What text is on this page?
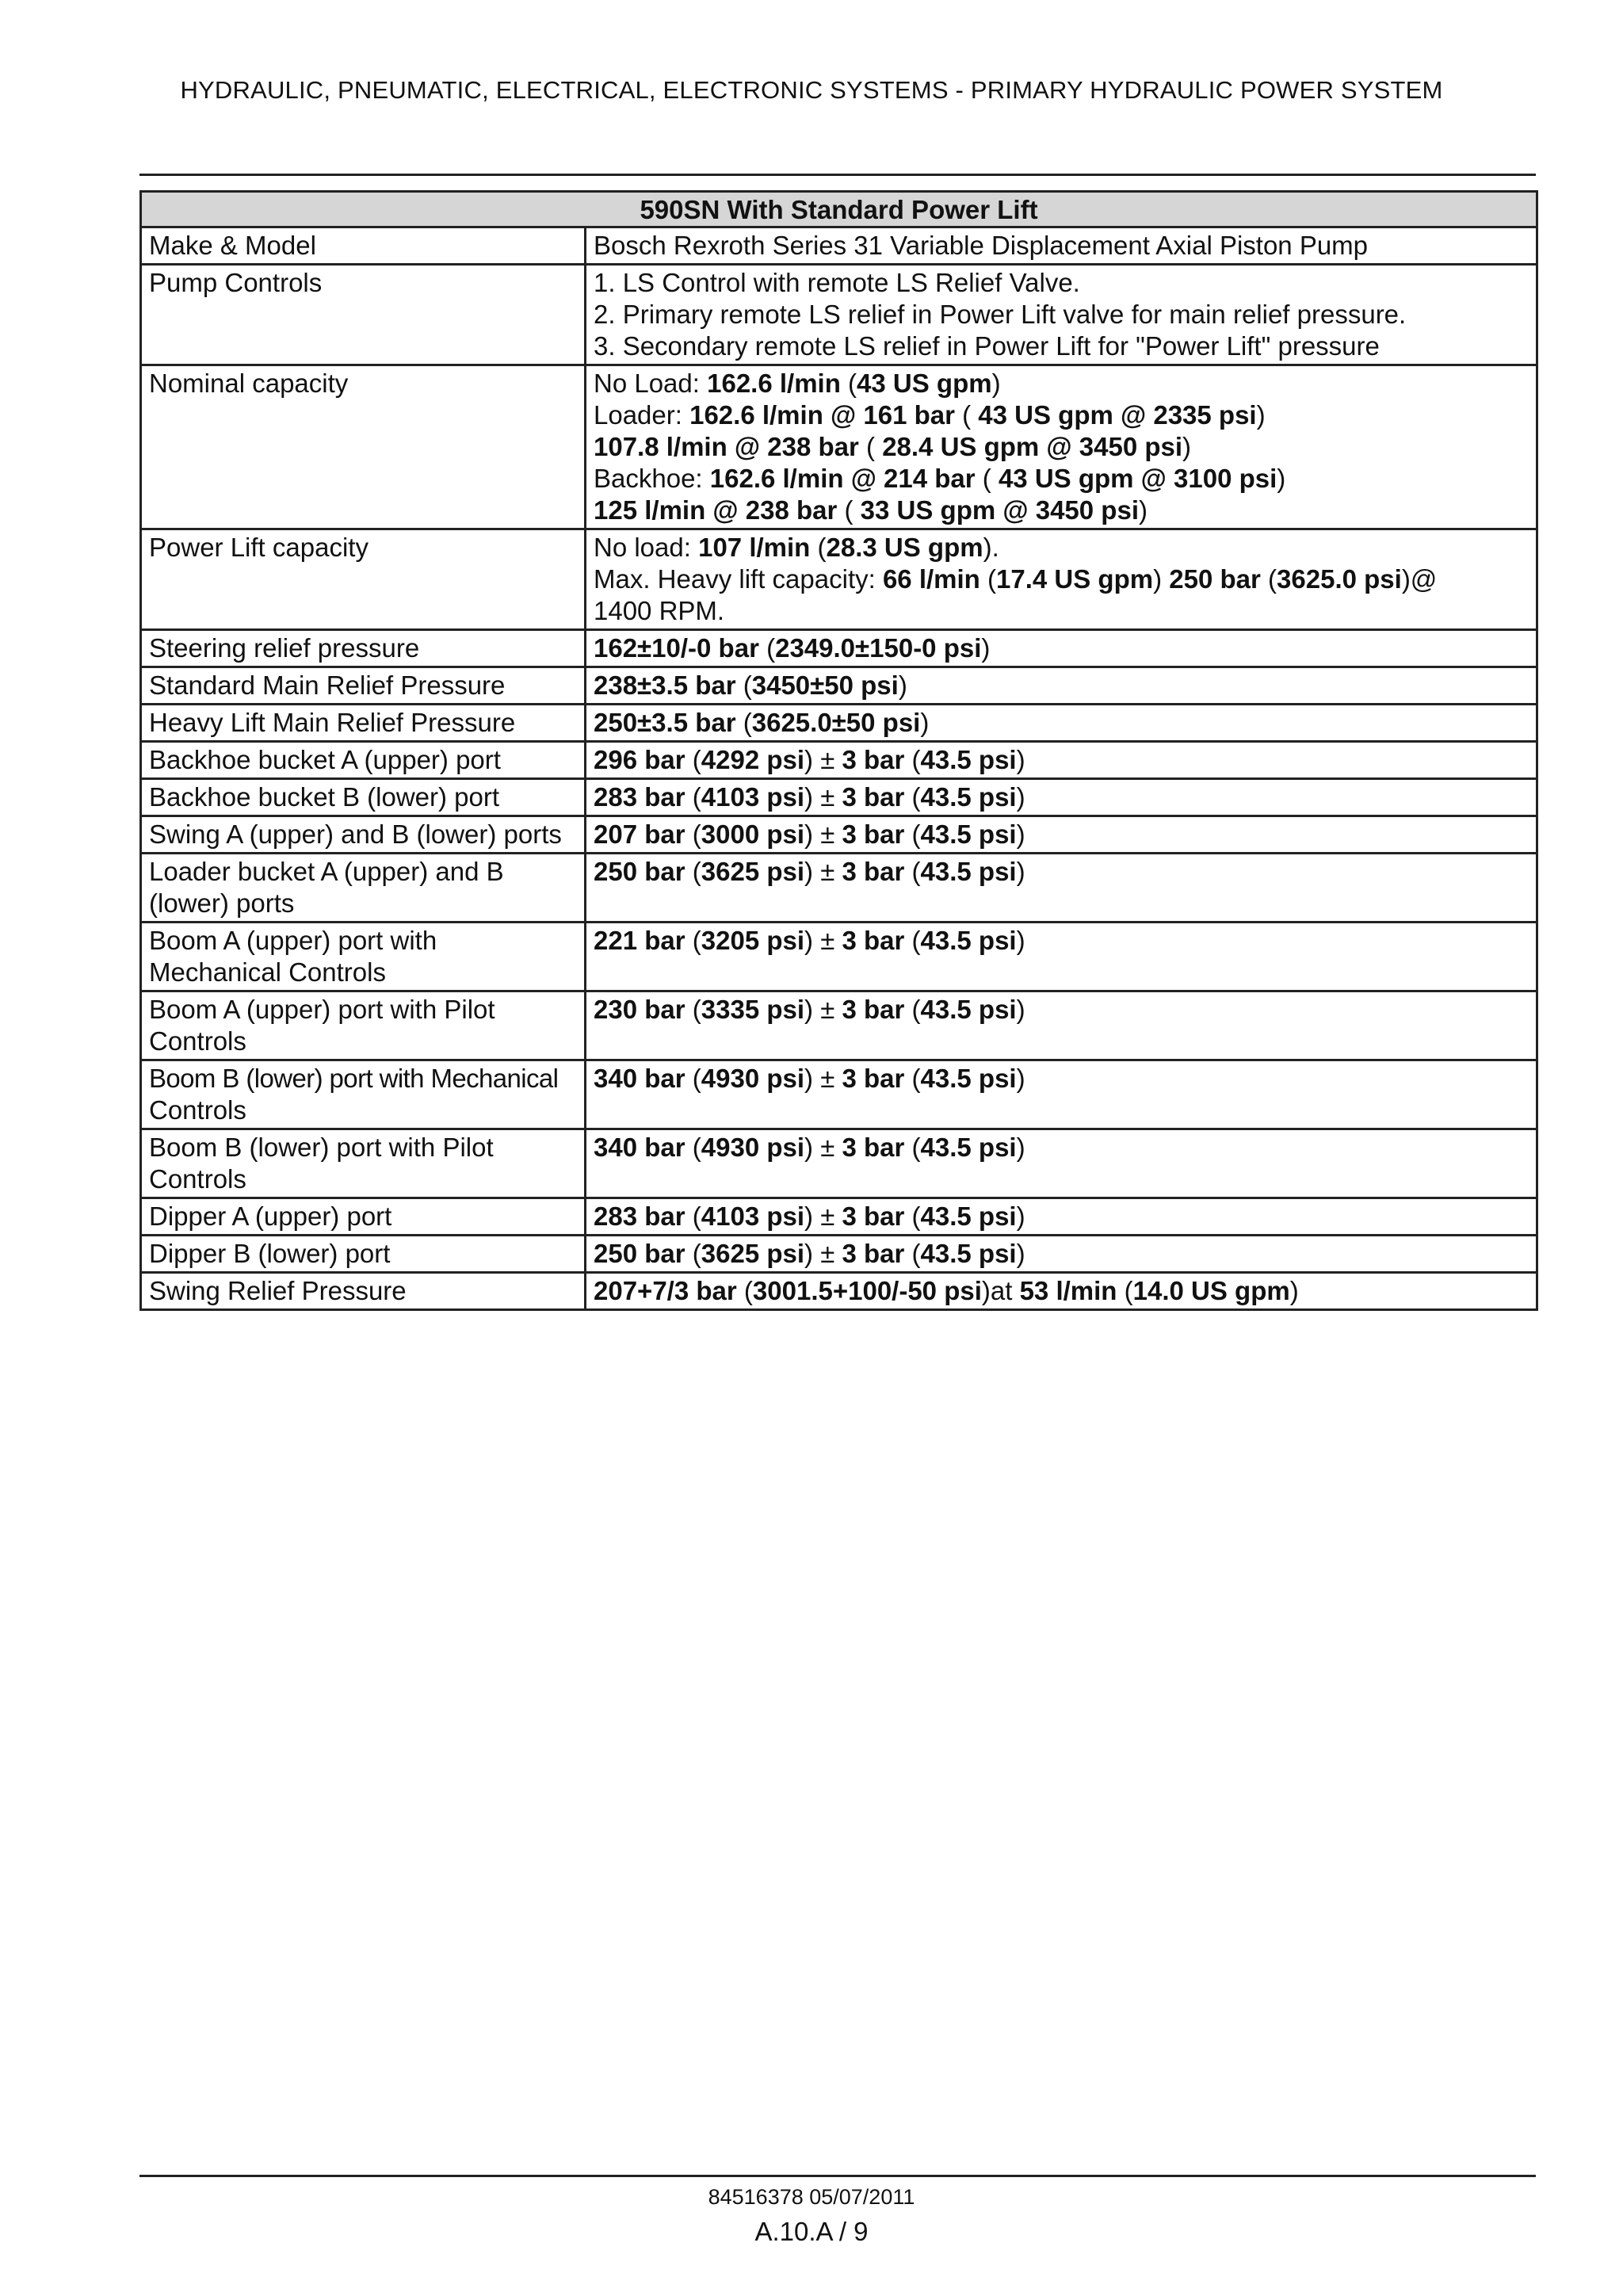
HYDRAULIC, PNEUMATIC, ELECTRICAL, ELECTRONIC SYSTEMS - PRIMARY HYDRAULIC POWER SYSTEM
590SN With Standard Power Lift	
Make & Model	Bosch Rexroth Series 31 Variable Displacement Axial Piston Pump
Pump Controls	1. LS Control with remote LS Relief Valve.
2. Primary remote LS relief in Power Lift valve for main relief pressure.
3. Secondary remote LS relief in Power Lift for "Power Lift" pressure

Nominal capacity	No Load: 162.6 l/min (43 US gpm)
Loader: 162.6 l/min @ 161 bar ( 43 US gpm @ 2335 psi)
107.8 l/min @ 238 bar ( 28.4 US gpm @ 3450 psi)
Backhoe: 162.6 l/min @ 214 bar ( 43 US gpm @ 3100 psi)
125 l/min @ 238 bar ( 33 US gpm @ 3450 psi)

Power Lift capacity	No load: 107 l/min (28.3 US gpm).
Max. Heavy lift capacity: 66 l/min (17.4 US gpm) 250 bar (3625.0 psi)@
1400 RPM.

Steering relief pressure	162±10/-0 bar (2349.0±150-0 psi)
Standard Main Relief Pressure	238±3.5 bar (3450±50 psi)
Heavy Lift Main Relief Pressure	250±3.5 bar (3625.0±50 psi)
Backhoe bucket A (upper) port	296 bar (4292 psi) ± 3 bar (43.5 psi)
Backhoe bucket B (lower) port	283 bar (4103 psi) ± 3 bar (43.5 psi)
Swing A (upper) and B (lower) ports	207 bar (3000 psi) ± 3 bar (43.5 psi)

Loader bucket A (upper) and B
(lower) ports	250 bar (3625 psi) ± 3 bar (43.5 psi)

Boom A (upper) port with
Mechanical Controls	221 bar (3205 psi) ± 3 bar (43.5 psi)

Boom A (upper) port with Pilot
Controls	230 bar (3335 psi) ± 3 bar (43.5 psi)

Boom B (lower) port with Mechanical
Controls	340 bar (4930 psi) ± 3 bar (43.5 psi)

Boom B (lower) port with Pilot
Controls	340 bar (4930 psi) ± 3 bar (43.5 psi)
Dipper A (upper) port	283 bar (4103 psi) ± 3 bar (43.5 psi)
Dipper B (lower) port	250 bar (3625 psi) ± 3 bar (43.5 psi)
Swing Relief Pressure	207+7/3 bar (3001.5+100/-50 psi)at 53 l/min (14.0 US gpm)
84516378 05/07/2011
A.10.A / 9
